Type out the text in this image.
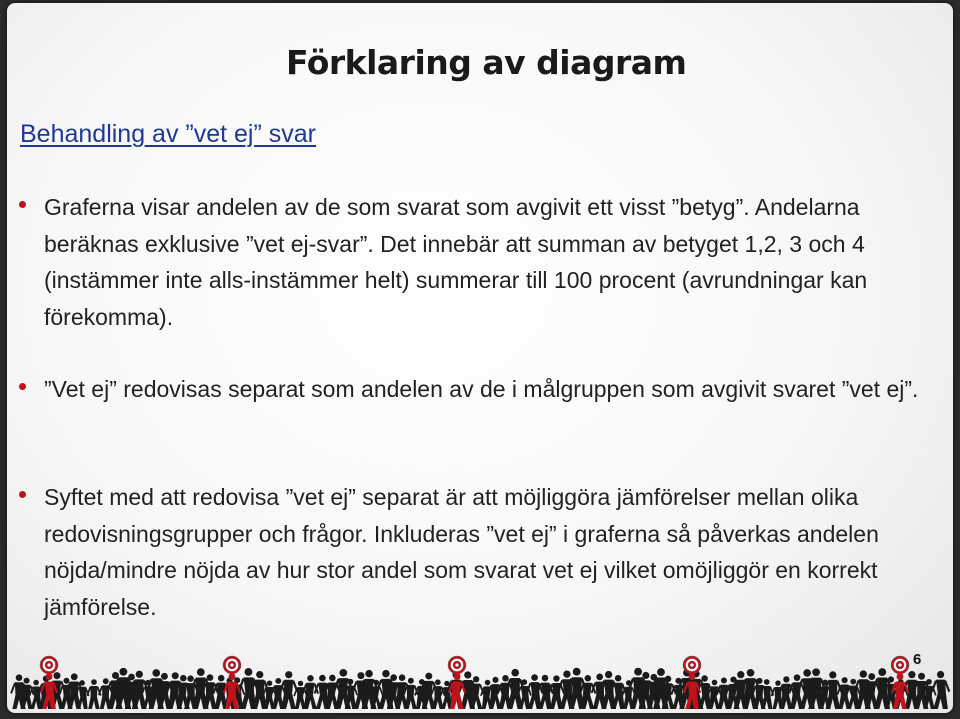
Förklaring av diagram
Behandling av ”vet ej” svar
Graferna visar andelen av de som svarat som avgivit ett visst ”betyg”. Andelarna beräknas exklusive ”vet ej-svar”. Det innebär att summan av betyget 1,2, 3 och 4 (instämmer inte alls-instämmer helt) summerar till 100 procent (avrundningar kan förekomma).
”Vet ej” redovisas separat som andelen av de i målgruppen som avgivit svaret ”vet ej”.
Syftet med att redovisa ”vet ej” separat är att möjliggöra jämförelser mellan olika redovisningsgrupper och frågor. Inkluderas ”vet ej” i graferna så påverkas andelen nöjda/mindre nöjda av hur stor andel som svarat vet ej vilket omöjliggör en korrekt jämförelse.
6
